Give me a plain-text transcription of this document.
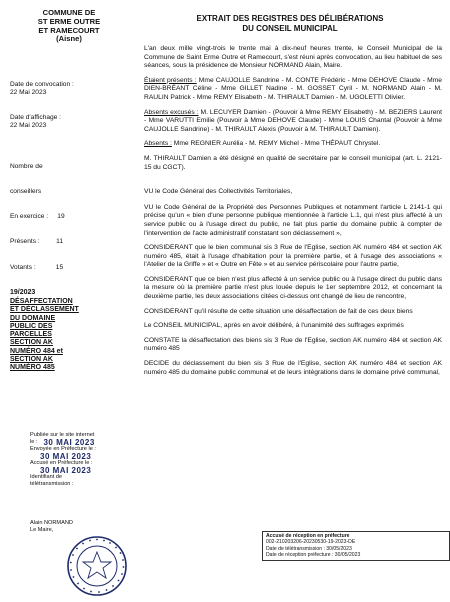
COMMUNE DE
ST ERME OUTRE
ET RAMECOURT
(Aisne)
EXTRAIT DES REGISTRES DES DÉLIBÉRATIONS
DU CONSEIL MUNICIPAL
Date de convocation :
22 Mai 2023
Date d'affichage :
22 Mai 2023

Nombre de

conseillers

En exercice :     19

Présents :         11

Votants :           15

19/2023
DÉSAFFECTATION
ET DÉCLASSEMENT
DU DOMAINE
PUBLIC DES
PARCELLES
SECTION AK
NUMÉRO 484 et
SECTION AK
NUMÉRO 485
Publiée sur le site internet
le : 30 MAI 2023
Envoyée en Préfecture le :
30 MAI 2023
Accusé en Préfecture le :
30 MAI 2023
Identifiant de
télétransmission :
Alain NORMAND
Le Maire,

L'an deux mille vingt-trois le trente mai à dix-neuf heures trente, le Conseil Municipal de la Commune de Saint Erme Outre et Ramecourt, s'est réuni après convocation, au lieu habituel de ses séances, sous la présidence de Monsieur NORMAND Alain, Maire.

Étaient présents : Mme CAUJOLLE Sandrine - M. CONTE Frédéric - Mme DEHOVE Claude - Mme DIEN-BRÉANT Céline - Mme GILLET Nadine - M. GOSSET Cyril - M. NORMAND Alain - M. RAULIN Patrick - Mme REMY Elisabeth - M. THIRAULT Damien - M. UGOLETTI Olivier.

Absents excusés : M. LECUYER Damien - (Pouvoir à Mme REMY Elisabeth) - M. BEZIERS Laurent - Mme VARUTTI Emilie (Pouvoir à Mme DEHOVE Claude) - Mme LOUIS Chantal (Pouvoir à Mme CAUJOLLE Sandrine) - M. THIRAULT Alexis (Pouvoir à M. THIRAULT Damien).

Absents : Mme REGNIER Aurélia - M. REMY Michel - Mme THÉPAUT Chrystel.

M. THIRAULT Damien a été désigné en qualité de secrétaire par le conseil municipal (art. L. 2121-15 du CGCT).

VU le Code Général des Collectivités Territoriales,

VU le Code Général de la Propriété des Personnes Publiques et notamment l'article L 2141-1 qui précise qu'un « bien d'une personne publique mentionnée à l'article L.1, qui n'est plus affecté à un service public ou à l'usage direct du public, ne fait plus partie du domaine public à compter de l'intervention de l'acte administratif constatant son déclassement »,

CONSIDERANT que le bien communal sis 3 Rue de l'Eglise, section AK numéro 484 et section AK numéro 485, était à l'usage d'habitation pour la première partie, et à l'usage des associations « l'Atelier de la Griffe » et « Outre en Fête » et au service périscolaire pour l'autre partie,

CONSIDERANT que ce bien n'est plus affecté à un service public ou à l'usage direct du public dans la mesure où la première partie n'est plus louée depuis le 1er septembre 2012, et concernant la deuxième partie, les deux associations citées ci-dessus ont changé de lieu de rencontre,

CONSIDERANT qu'il résulte de cette situation une désaffectation de fait de ces deux biens

Le CONSEIL MUNICIPAL, après en avoir délibéré, à l'unanimité des suffrages exprimés

CONSTATE la désaffectation des biens sis 3 Rue de l'Eglise, section AK numéro 484 et section AK numéro 485

DECIDE du déclassement du bien sis 3 Rue de l'Eglise, section AK numéro 484 et section AK numéro 485 du domaine public communal et de leurs intégrations dans le domaine privé communal,

Accusé de réception en préfecture
002-210203206-20230530-19-2023-DE
Date de télétransmission : 30/05/2023
Date de réception préfecture : 30/05/2023
